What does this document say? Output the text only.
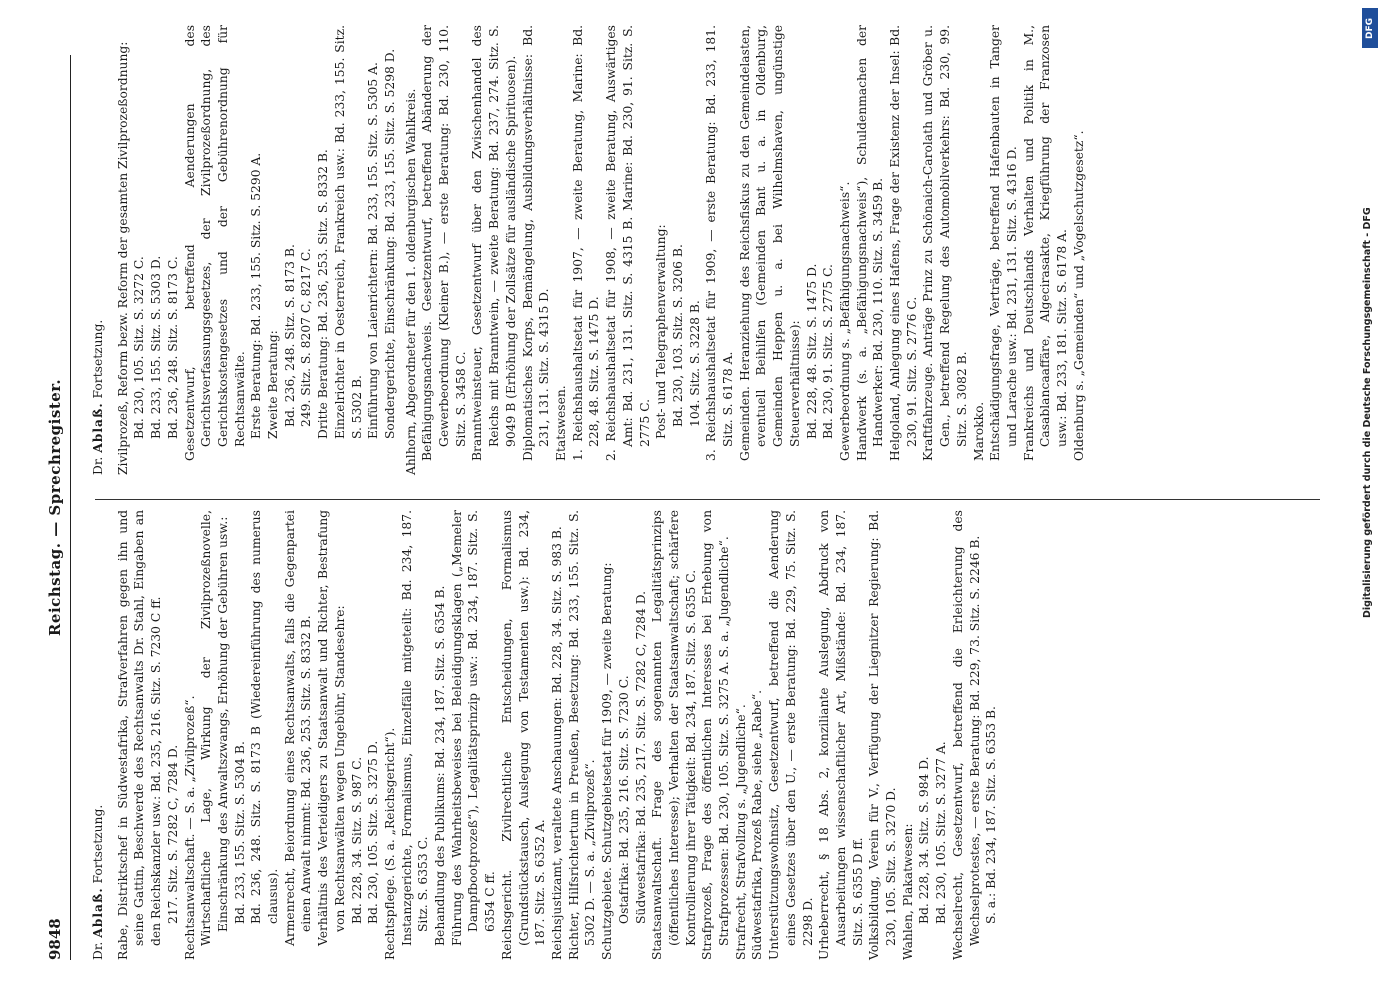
9848
Reichstag. — Sprechregister.
Dr. Ablaß. Fortsetzung. Rabe, Distriktschef in Südwestafrika, Strafverfahren gegen ihn und seine Gattin, Beschwerde des Rechtsanwalts Dr. Stahl, Eingaben an den Reichskanzler usw.: Bd. 235, 216. Sitz. S. 7230 C ff. 217. Sitz. S. 7282 C, 7284 D. Rechtsanwaltschaft. — S. a. „Zivilprozeß“. Wirtschaftliche Lage, Wirkung der Zivilprozeßnovelle, Einschränkung des Anwaltszwangs, Erhöhung der Gebühren usw.: Bd. 233, 155. Sitz. S. 5304 B. Bd. 236, 248. Sitz. S. 8173 B (Wiedereinführung des numerus clausus). Armenrecht, Beiordnung eines Rechtsanwalts, falls die Gegenpartei einen Anwalt nimmt: Bd. 236, 253. Sitz. S. 8332 B. Verhältnis des Verteidigers zu Staatsanwalt und Richter, Bestrafung von Rechtsanwälten wegen Ungebühr, Standesehre: Bd. 228, 34. Sitz. S. 987 C. Bd. 230, 105. Sitz. S. 3275 D. Rechtspflege. (S. a. „Reichsgericht“). Instanzgerichte, Formalismus, Einzelfälle mitgeteilt: Bd. 234, 187. Sitz. S. 6353 C. Behandlung des Publikums: Bd. 234, 187. Sitz. S. 6354 B. Führung des Wahrheitsbeweises bei Beleidigungsklagen („Memeler Dampfbootprozeß“), Legalitätsprinzip usw.: Bd. 234, 187. Sitz. S. 6354 C ff. Reichsgericht. Zivilrechtliche Entscheidungen, Formalismus (Grundstückstausch, Auslegung von Testamenten usw.): Bd. 234, 187. Sitz. S. 6352 A. Reichsjustizamt, veraltete Anschauungen: Bd. 228, 34. Sitz. S. 983 B. Richter, Hilfsrichtertum in Preußen, Besetzung: Bd. 233, 155. Sitz. S. 5302 D. — S. a. „Zivilprozeß“. Schutzgebiete. Schutzgebietsetat für 1909, — zweite Beratung: Ostafrika: Bd. 235, 216. Sitz. S. 7230 C. Südwestafrika: Bd. 235, 217. Sitz. S. 7282 C, 7284 D. Staatsanwaltschaft. Frage des sogenannten Legalitätsprinzips (öffentliches Interesse); Verhalten der Staatsanwaltschaft; schärfere Kontrollierung ihrer Tätigkeit: Bd. 234, 187. Sitz. S. 6355 C. Strafprozeß, Frage des öffentlichen Interesses bei Erhebung von Strafprozessen: Bd. 230, 105. Sitz. S. 3275 A. S. a. „Jugendliche“. Strafrecht, Strafvollzug s. „Jugendliche“. Südwestafrika, Prozeß Rabe, siehe „Rabe“. Unterstützungswohnsitz, Gesetzentwurf, betreffend die Aenderung eines Gesetzes über den U., — erste Beratung: Bd. 229, 75. Sitz. S. 2298 D. Urheberrecht, § 18 Abs. 2, konziliante Auslegung, Abdruck von Ausarbeitungen wissenschaftlicher Art, Mißstände: Bd. 234, 187. Sitz. S. 6355 D ff. Volksbildung, Verein für V., Verfügung der Liegnitzer Regierung: Bd. 230, 105. Sitz. S. 3270 D. Wahlen, Plakatwesen: Bd. 228, 34. Sitz. S. 984 D. Bd. 230, 105. Sitz. S. 3277 A. Wechselrecht, Gesetzentwurf, betreffend die Erleichterung des Wechselprotestes, — erste Beratung: Bd. 229, 73. Sitz. S. 2246 B. S. a.: Bd. 234, 187. Sitz. S. 6353 B.

Dr. Ablaß. Fortsetzung. Zivilprozeß, Reform bezw. Reform der gesamten Zivilprozeßordnung: Bd. 230, 105. Sitz. S. 3272 C. Bd. 233, 155. Sitz. S. 5303 D. Bd. 236, 248. Sitz. S. 8173 C. Gesetzentwurf, betreffend Aenderungen des Gerichtsverfassungsgesetzes, der Zivilprozeßordnung, des Gerichtskostengesetzes und der Gebührenordnung für Rechtsanwälte. Erste Beratung: Bd. 233, 155. Sitz. S. 5290 A. Zweite Beratung: Bd. 236, 248. Sitz. S. 8173 B. 249. Sitz. S. 8207 C, 8217 C. Dritte Beratung: Bd. 236, 253. Sitz. S. 8332 B. Einzelrichter in Oesterreich, Frankreich usw.: Bd. 233, 155. Sitz. S. 5302 B. Einführung von Laienrichtern: Bd. 233, 155. Sitz. S. 5305 A. Sondergerichte, Einschränkung: Bd. 233, 155. Sitz. S. 5298 D. Ahlhorn, Abgeordneter für den 1. oldenburgischen Wahlkreis. Befähigungsnachweis. Gesetzentwurf, betreffend Abänderung der Gewerbeordnung (Kleiner B.), — erste Beratung: Bd. 230, 110. Sitz. S. 3458 C. Branntweinsteuer, Gesetzentwurf über den Zwischenhandel des Reichs mit Branntwein, — zweite Beratung: Bd. 237, 274. Sitz. S. 9049 B (Erhöhung der Zollsätze für ausländische Spirituosen). Diplomatisches Korps, Bemängelung, Ausbildungsverhältnisse: Bd. 231, 131. Sitz. S. 4315 D. Etatswesen. 1. Reichshaushaltsetat für 1907, — zweite Beratung, Marine: Bd. 228, 48. Sitz. S. 1475 D. 2. Reichshaushaltsetat für 1908, — zweite Beratung, Auswärtiges Amt: Bd. 231, 131. Sitz. S. 4315 B. Marine: Bd. 230, 91. Sitz. S. 2775 C. Post- und Telegraphenverwaltung: Bd. 230, 103. Sitz. S. 3206 B. 104. Sitz. S. 3228 B. 3. Reichshaushaltsetat für 1909, — erste Beratung: Bd. 233, 181. Sitz. S. 6178 A. Gemeinden. Heranziehung des Reichsfiskus zu den Gemeindelasten, eventuell Beihilfen (Gemeinden Bant u. a. in Oldenburg, Gemeinden Heppen u. a. bei Wilhelmshaven, ungünstige Steuerverhältnisse): Bd. 228, 48. Sitz. S. 1475 D. Bd. 230, 91. Sitz. S. 2775 C. Gewerbeordnung s. „Befähigungsnachweis“. Handwerk (s. a. „Befähigungsnachweis“), Schuldenmachen der Handwerker: Bd. 230, 110. Sitz. S. 3459 B. Helgoland, Anlegung eines Hafens, Frage der Existenz der Insel: Bd. 230, 91. Sitz. S. 2776 C. Kraftfahrzeuge. Anträge Prinz zu Schönaich-Carolath und Gröber u. Gen., betreffend Regelung des Automobilverkehrs: Bd. 230, 99. Sitz. S. 3082 B. Marokko. Entschädigungsfrage, Verträge, betreffend Hafenbauten in Tanger und Larache usw.: Bd. 231, 131. Sitz. S. 4316 D. Frankreichs und Deutschlands Verhalten und Politik in M., Casablancaaffäre, Algecirasakte, Kriegführung der Franzosen usw.: Bd. 233, 181. Sitz. S. 6178 A. Oldenburg s. „Gemeinden“ und „Vogelschutzgesetz“.

DFG
Digitalisierung gefördert durch die Deutsche Forschungsgemeinschaft - DFG
